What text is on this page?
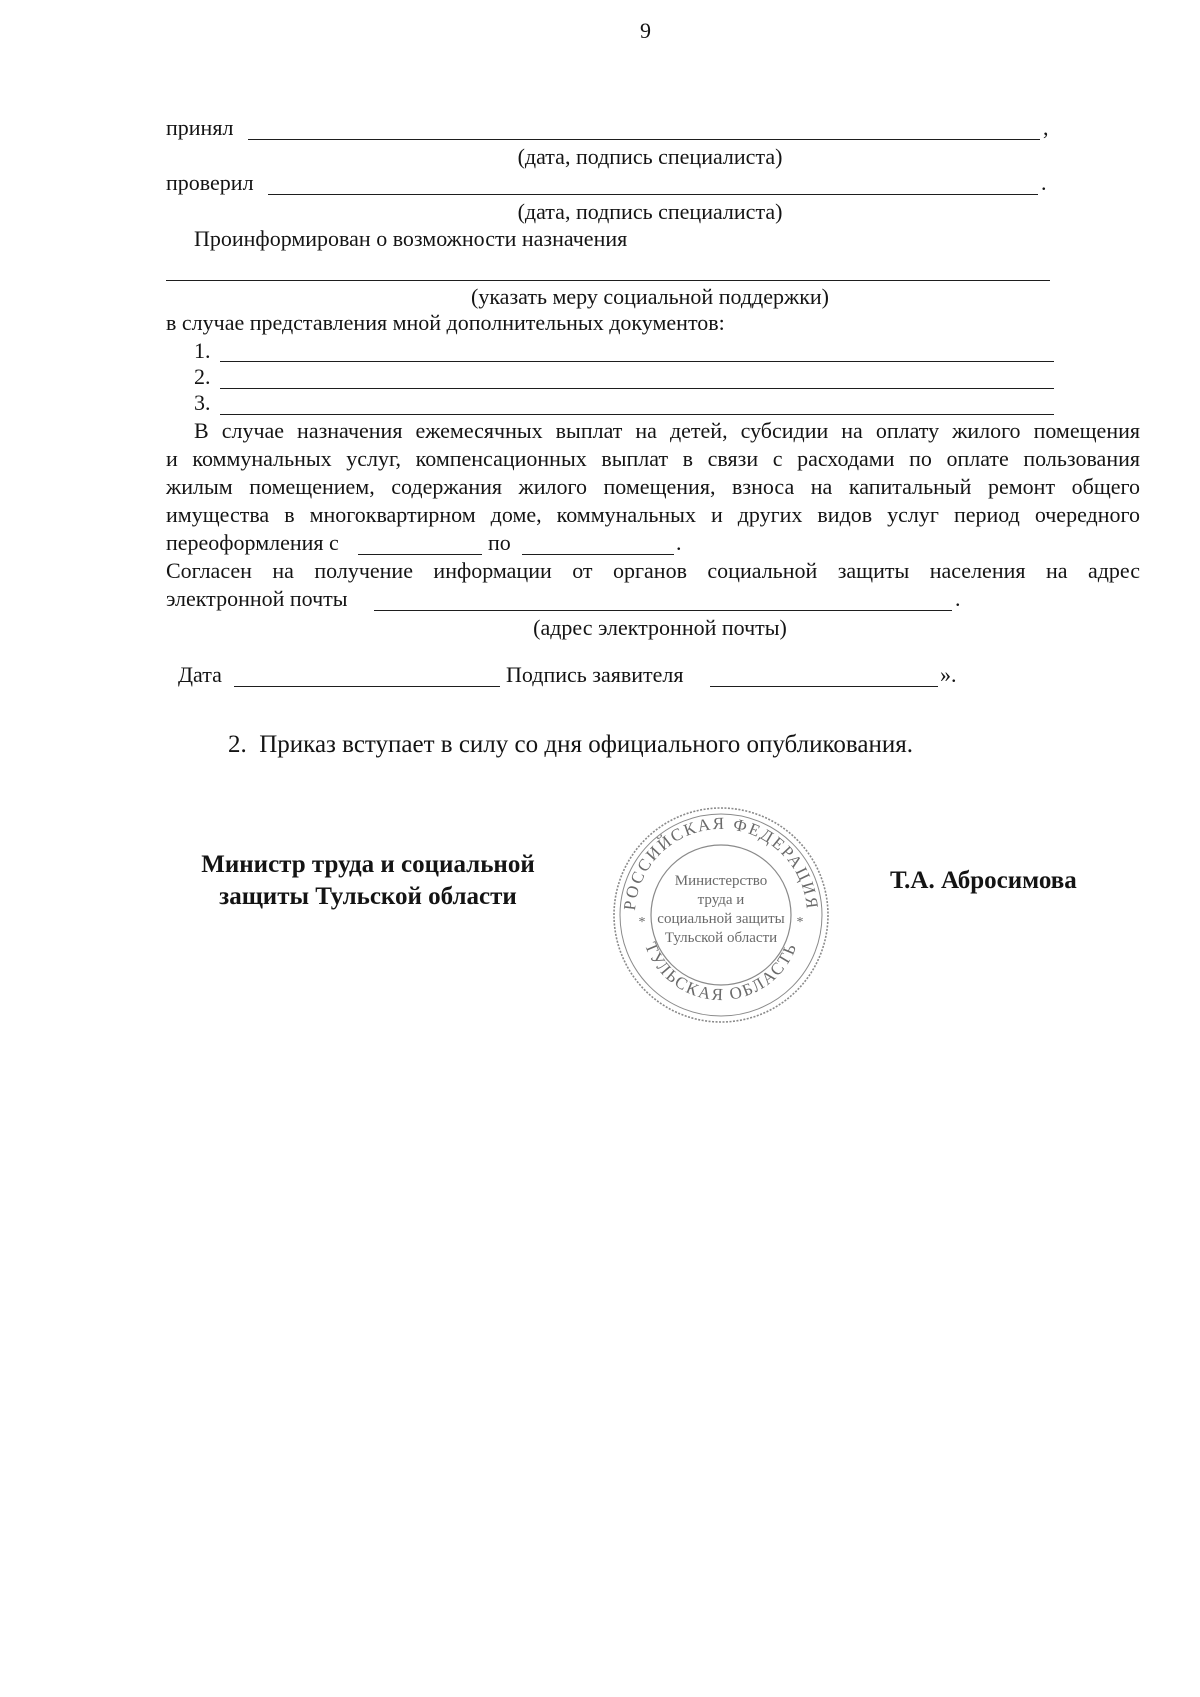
9
принял	,
(дата, подпись специалиста)
проверил	.
(дата, подпись специалиста)
Проинформирован о возможности назначения
(указать меру социальной поддержки)
в случае представления мной дополнительных документов:
1.
2.
3.
В случае назначения ежемесячных выплат на детей, субсидии на оплату жилого помещения
и коммунальных услуг, компенсационных выплат в связи с расходами по оплате пользования
жилым помещением, содержания жилого помещения, взноса на капитальный ремонт общего
имущества в многоквартирном доме, коммунальных и других видов услуг период очередного
переоформления с	по	.
Согласен на получение информации от органов социальной защиты населения на адрес
электронной почты	.
(адрес электронной почты)
Дата	Подпись заявителя	».
2.  Приказ вступает в силу со дня официального опубликования.
Министр труда и социальной
защиты Тульской области
Т.А. Абросимова
РОССИЙСКАЯ ФЕДЕРАЦИЯ
ТУЛЬСКАЯ ОБЛАСТЬ
*	*
Министерство
труда и
социальной защиты
Тульской области
